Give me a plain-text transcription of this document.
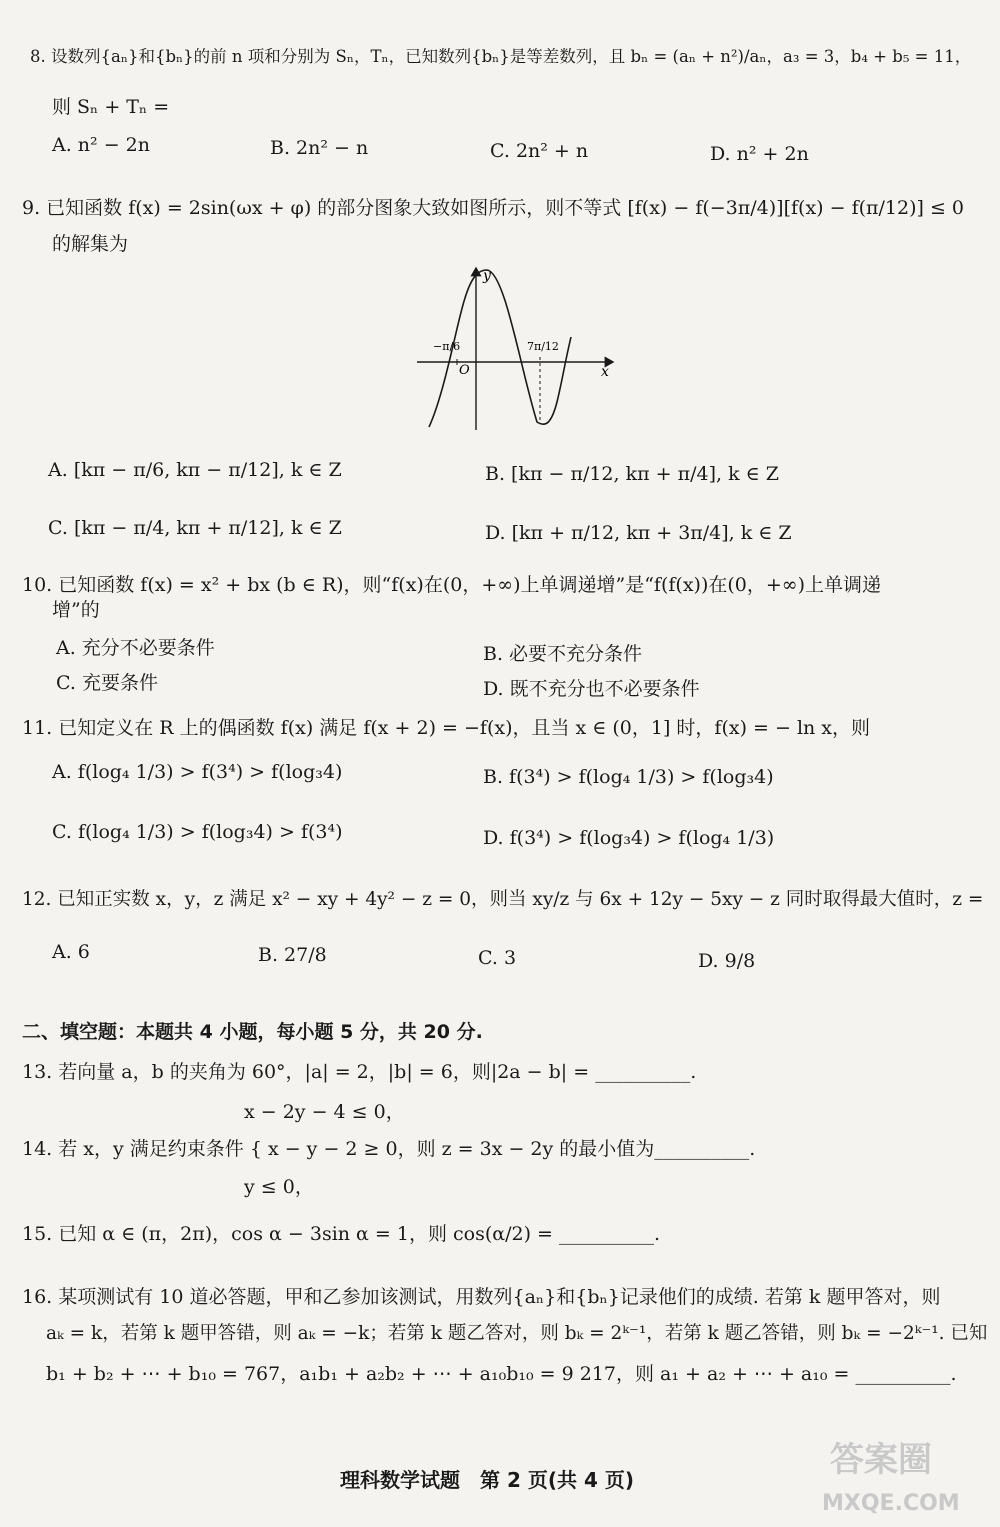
8. 设数列{aₙ}和{bₙ}的前 n 项和分别为 Sₙ，Tₙ，已知数列{bₙ}是等差数列，且 bₙ = (aₙ + n²)/aₙ，a₃ = 3，b₄ + b₅ = 11，
则 Sₙ + Tₙ =
A. n² − 2n	B. 2n² − n	C. 2n² + n	D. n² + 2n
9. 已知函数 f(x) = 2sin(ωx + φ) 的部分图象大致如图所示，则不等式 [f(x) − f(−3π/4)][f(x) − f(π/12)] ≤ 0
的解集为
y
x
O
−π/6	7π/12
A. [kπ − π/6, kπ − π/12], k ∈ Z	B. [kπ − π/12, kπ + π/4], k ∈ Z
C. [kπ − π/4, kπ + π/12], k ∈ Z	D. [kπ + π/12, kπ + 3π/4], k ∈ Z
10. 已知函数 f(x) = x² + bx (b ∈ R)，则“f(x)在(0，+∞)上单调递增”是“f(f(x))在(0，+∞)上单调递
增”的
A. 充分不必要条件	B. 必要不充分条件
C. 充要条件	D. 既不充分也不必要条件
11. 已知定义在 R 上的偶函数 f(x) 满足 f(x + 2) = −f(x)，且当 x ∈ (0，1] 时，f(x) = − ln x，则
A. f(log₄ 1/3) > f(3⁴) > f(log₃4)	B. f(3⁴) > f(log₄ 1/3) > f(log₃4)
C. f(log₄ 1/3) > f(log₃4) > f(3⁴)	D. f(3⁴) > f(log₃4) > f(log₄ 1/3)
12. 已知正实数 x，y，z 满足 x² − xy + 4y² − z = 0，则当 xy/z 与 6x + 12y − 5xy − z 同时取得最大值时，z =
A. 6	B. 27/8	C. 3	D. 9/8
二、填空题：本题共 4 小题，每小题 5 分，共 20 分.
13. 若向量 a，b 的夹角为 60°，|a| = 2，|b| = 6，则|2a − b| = __________.
x − 2y − 4 ≤ 0，
14. 若 x，y 满足约束条件 { x − y − 2 ≥ 0，则 z = 3x − 2y 的最小值为__________.
y ≤ 0，
15. 已知 α ∈ (π，2π)，cos α − 3sin α = 1，则 cos(α/2) = __________.
16. 某项测试有 10 道必答题，甲和乙参加该测试，用数列{aₙ}和{bₙ}记录他们的成绩. 若第 k 题甲答对，则
aₖ = k，若第 k 题甲答错，则 aₖ = −k；若第 k 题乙答对，则 bₖ = 2ᵏ⁻¹，若第 k 题乙答错，则 bₖ = −2ᵏ⁻¹. 已知
b₁ + b₂ + ⋯ + b₁₀ = 767，a₁b₁ + a₂b₂ + ⋯ + a₁₀b₁₀ = 9 217，则 a₁ + a₂ + ⋯ + a₁₀ = __________.
理科数学试题　第 2 页(共 4 页)	答案圈
MXQE.COM
